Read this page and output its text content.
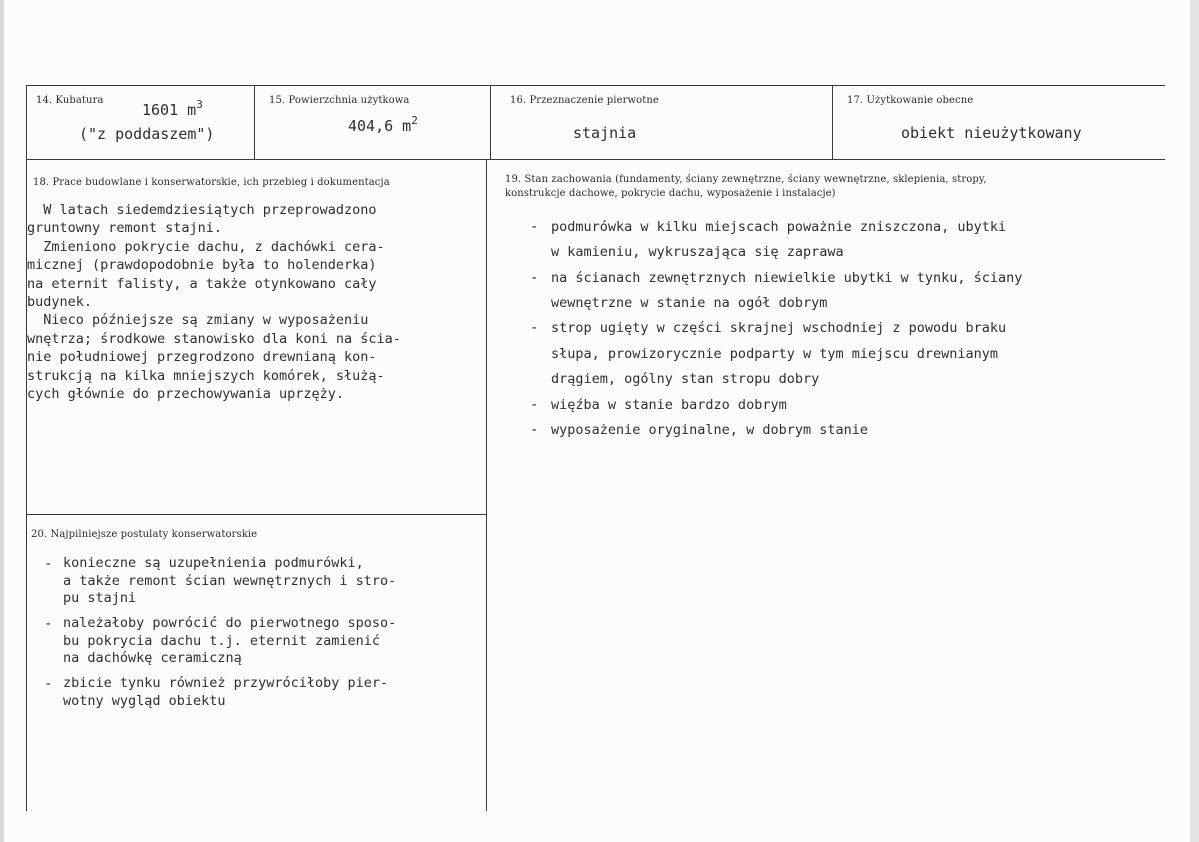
14. Kubatura
1601 $m^3$
("z poddaszem")
15. Powierzchnia użytkowa
404,6 $m^2$
16. Przeznaczenie pierwotne
stajnia
17. Użytkowanie obecne
obiekt nieużytkowany
18. Prace budowlane i konserwatorskie, ich przebieg i dokumentacja
W latach siedemdziesiątych przeprowadzono
gruntowny remont stajni.
Zmieniono pokrycie dachu, z dachówki cera-
micznej (prawdopodobnie była to holenderka)
na eternit falisty, a także otynkowano cały
budynek.
Nieco późniejsze są zmiany w wyposażeniu
wnętrza; środkowe stanowisko dla koni na ścia-
nie południowej przegrodzono drewnianą kon-
strukcją na kilka mniejszych komórek, służą-
cych głównie do przechowywania uprzęży.
19. Stan zachowania (fundamenty, ściany zewnętrzne, ściany wewnętrzne, sklepienia, stropy,
konstrukcje dachowe, pokrycie dachu, wyposażenie i instalacje)
- podmurówka w kilku miejscach poważnie zniszczona, ubytki
w kamieniu, wykruszająca się zaprawa
- na ścianach zewnętrznych niewielkie ubytki w tynku, ściany
wewnętrzne w stanie na ogół dobrym
- strop ugięty w części skrajnej wschodniej z powodu braku
słupa, prowizorycznie podparty w tym miejscu drewnianym
drągiem, ogólny stan stropu dobry
- więźba w stanie bardzo dobrym
- wyposażenie oryginalne, w dobrym stanie
20. Najpilniejsze postulaty konserwatorskie
- konieczne są uzupełnienia podmurówki,
a także remont ścian wewnętrznych i stro-
pu stajni
- należałoby powrócić do pierwotnego sposo-
bu pokrycia dachu t.j. eternit zamienić
na dachówkę ceramiczną
- zbicie tynku również przywróciłoby pier-
wotny wygląd obiektu
